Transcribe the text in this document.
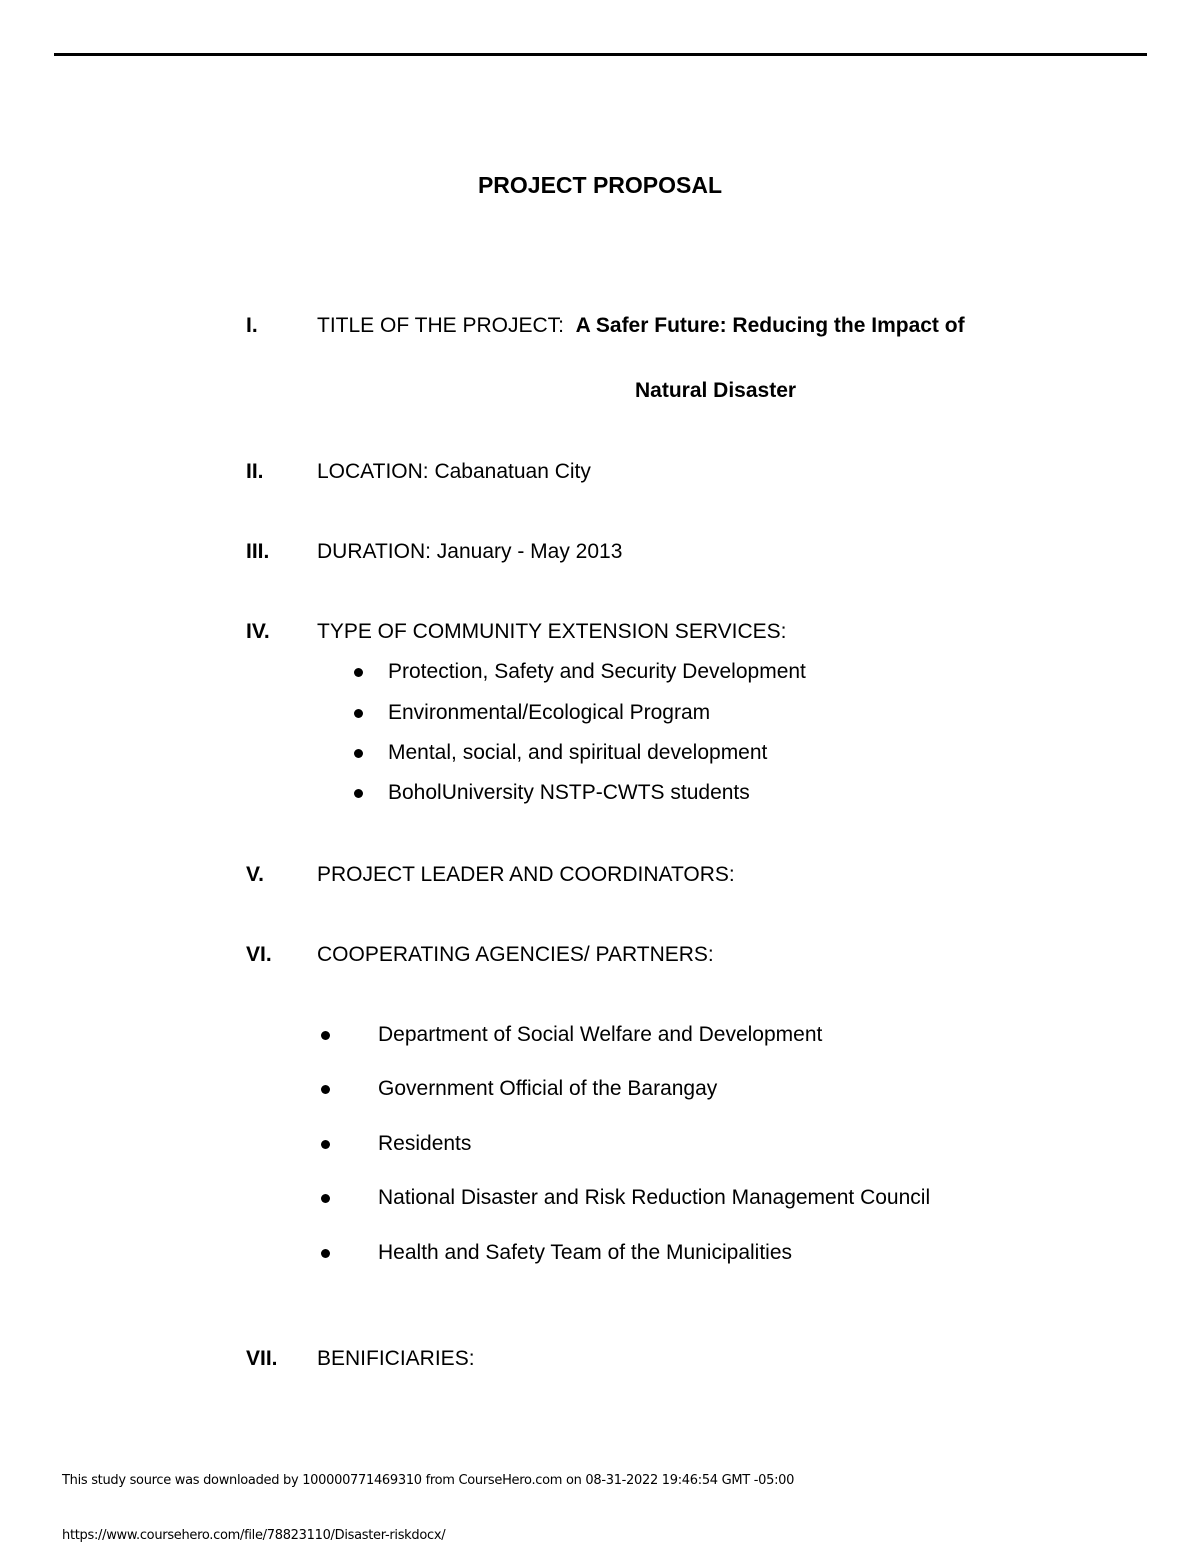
PROJECT PROPOSAL
I.	TITLE OF THE PROJECT: A Safer Future: Reducing the Impact of
Natural Disaster
II.	LOCATION: Cabanatuan City
III. DURATION: January - May 2013
IV. TYPE OF COMMUNITY EXTENSION SERVICES:
Protection, Safety and Security Development
Environmental/Ecological Program
Mental, social, and spiritual development
BoholUniversity NSTP-CWTS students
V.	PROJECT LEADER AND COORDINATORS:
VI. COOPERATING AGENCIES/ PARTNERS:
Department of Social Welfare and Development
Government Official of the Barangay
Residents
National Disaster and Risk Reduction Management Council
Health and Safety Team of the Municipalities
VII. BENIFICIARIES:
This study source was downloaded by 100000771469310 from CourseHero.com on 08-31-2022 19:46:54 GMT -05:00
https://www.coursehero.com/file/78823110/Disaster-riskdocx/
